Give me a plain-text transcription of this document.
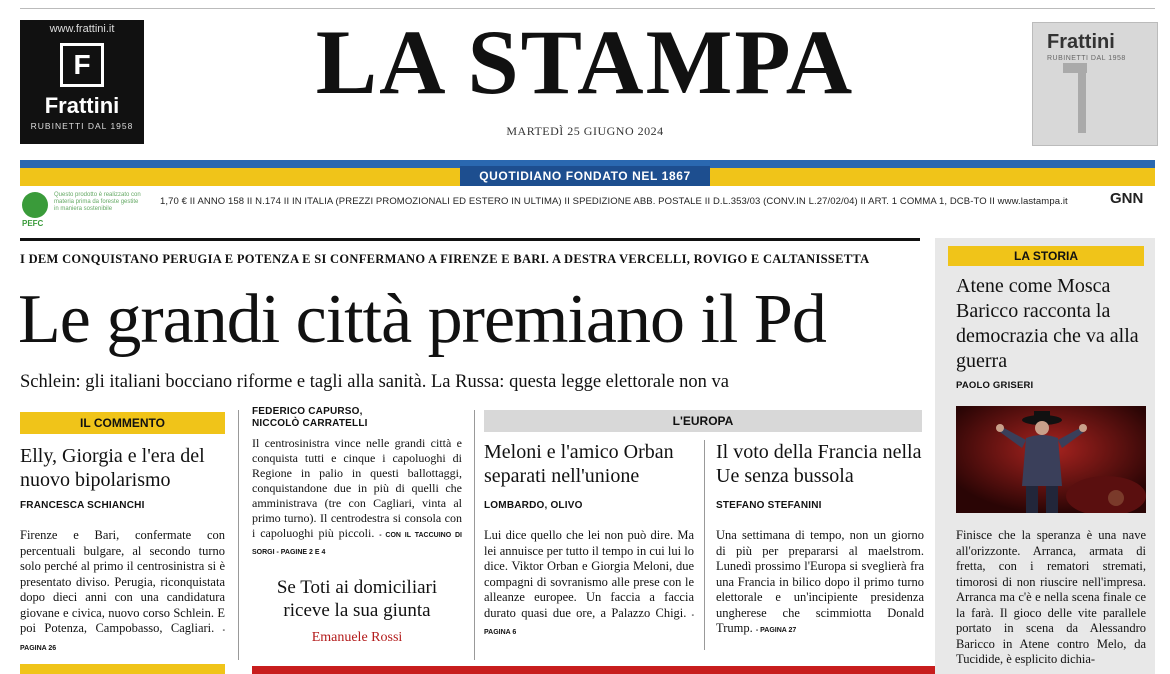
www.frattini.it
F
Frattini
RUBINETTI DAL 1958
LA STAMPA
MARTEDÌ 25 GIUGNO 2024
Frattini
RUBINETTI DAL 1958
QUOTIDIANO FONDATO NEL 1867
PEFC
Questo prodotto è realizzato con materia prima da foreste gestite in maniera sostenibile
1,70 € II ANNO 158 II N.174 II IN ITALIA (PREZZI PROMOZIONALI ED ESTERO IN ULTIMA) II SPEDIZIONE ABB. POSTALE II D.L.353/03 (CONV.IN L.27/02/04) II ART. 1 COMMA 1, DCB-TO II www.lastampa.it	GNN
I DEM CONQUISTANO PERUGIA E POTENZA E SI CONFERMANO A FIRENZE E BARI. A DESTRA VERCELLI, ROVIGO E CALTANISSETTA
Le grandi città premiano il Pd
Schlein: gli italiani bocciano riforme e tagli alla sanità. La Russa: questa legge elettorale non va
IL COMMENTO
Elly, Giorgia e l'era del nuovo bipolarismo
FRANCESCA SCHIANCHI
Firenze e Bari, confermate con percentuali bulgare, al secondo turno solo perché al primo il centrosinistra si è presentato diviso. Perugia, riconquistata dopo dieci anni con una candidatura giovane e civica, nuovo corso Schlein. E poi Potenza, Campobasso, Cagliari. - PAGINA 26
FEDERICO CAPURSO,
NICCOLÒ CARRATELLI
Il centrosinistra vince nelle grandi città e conquista tutti e cinque i capoluoghi di Regione in palio in questi ballottaggi, conquistandone due in più di quelli che amministrava (tre con Cagliari, vinta al primo turno). Il centrodestra si consola con i capoluoghi più piccoli. - CON IL TACCUINO DI SORGI - PAGINE 2 E 4
Se Toti ai domiciliari riceve la sua giunta
Emanuele Rossi
L'EUROPA
Meloni e l'amico Orban separati nell'unione
LOMBARDO, OLIVO
Lui dice quello che lei non può dire. Ma lei annuisce per tutto il tempo in cui lui lo dice. Viktor Orban e Giorgia Meloni, due compagni di sovranismo alle prese con le alleanze europee. Un faccia a faccia durato quasi due ore, a Palazzo Chigi. - PAGINA 6
Il voto della Francia nella Ue senza bussola
STEFANO STEFANINI
Una settimana di tempo, non un giorno di più per prepararsi al maelstrom. Lunedì prossimo l'Europa si sveglierà fra una Francia in bilico dopo il primo turno elettorale e un'incipiente presidenza ungherese che scimmiotta Donald Trump. - PAGINA 27
LA STORIA
Atene come Mosca Baricco racconta la democrazia che va alla guerra
PAOLO GRISERI
Finisce che la speranza è una nave all'orizzonte. Arranca, armata di fretta, con i rematori stremati, timorosi di non riuscire nell'impresa. Arranca ma c'è e nella scena finale ce la farà. Il gioco delle vite parallele portato in scena da Alessandro Baricco in Atene contro Melo, da Tucidide, è esplicito dichia-
